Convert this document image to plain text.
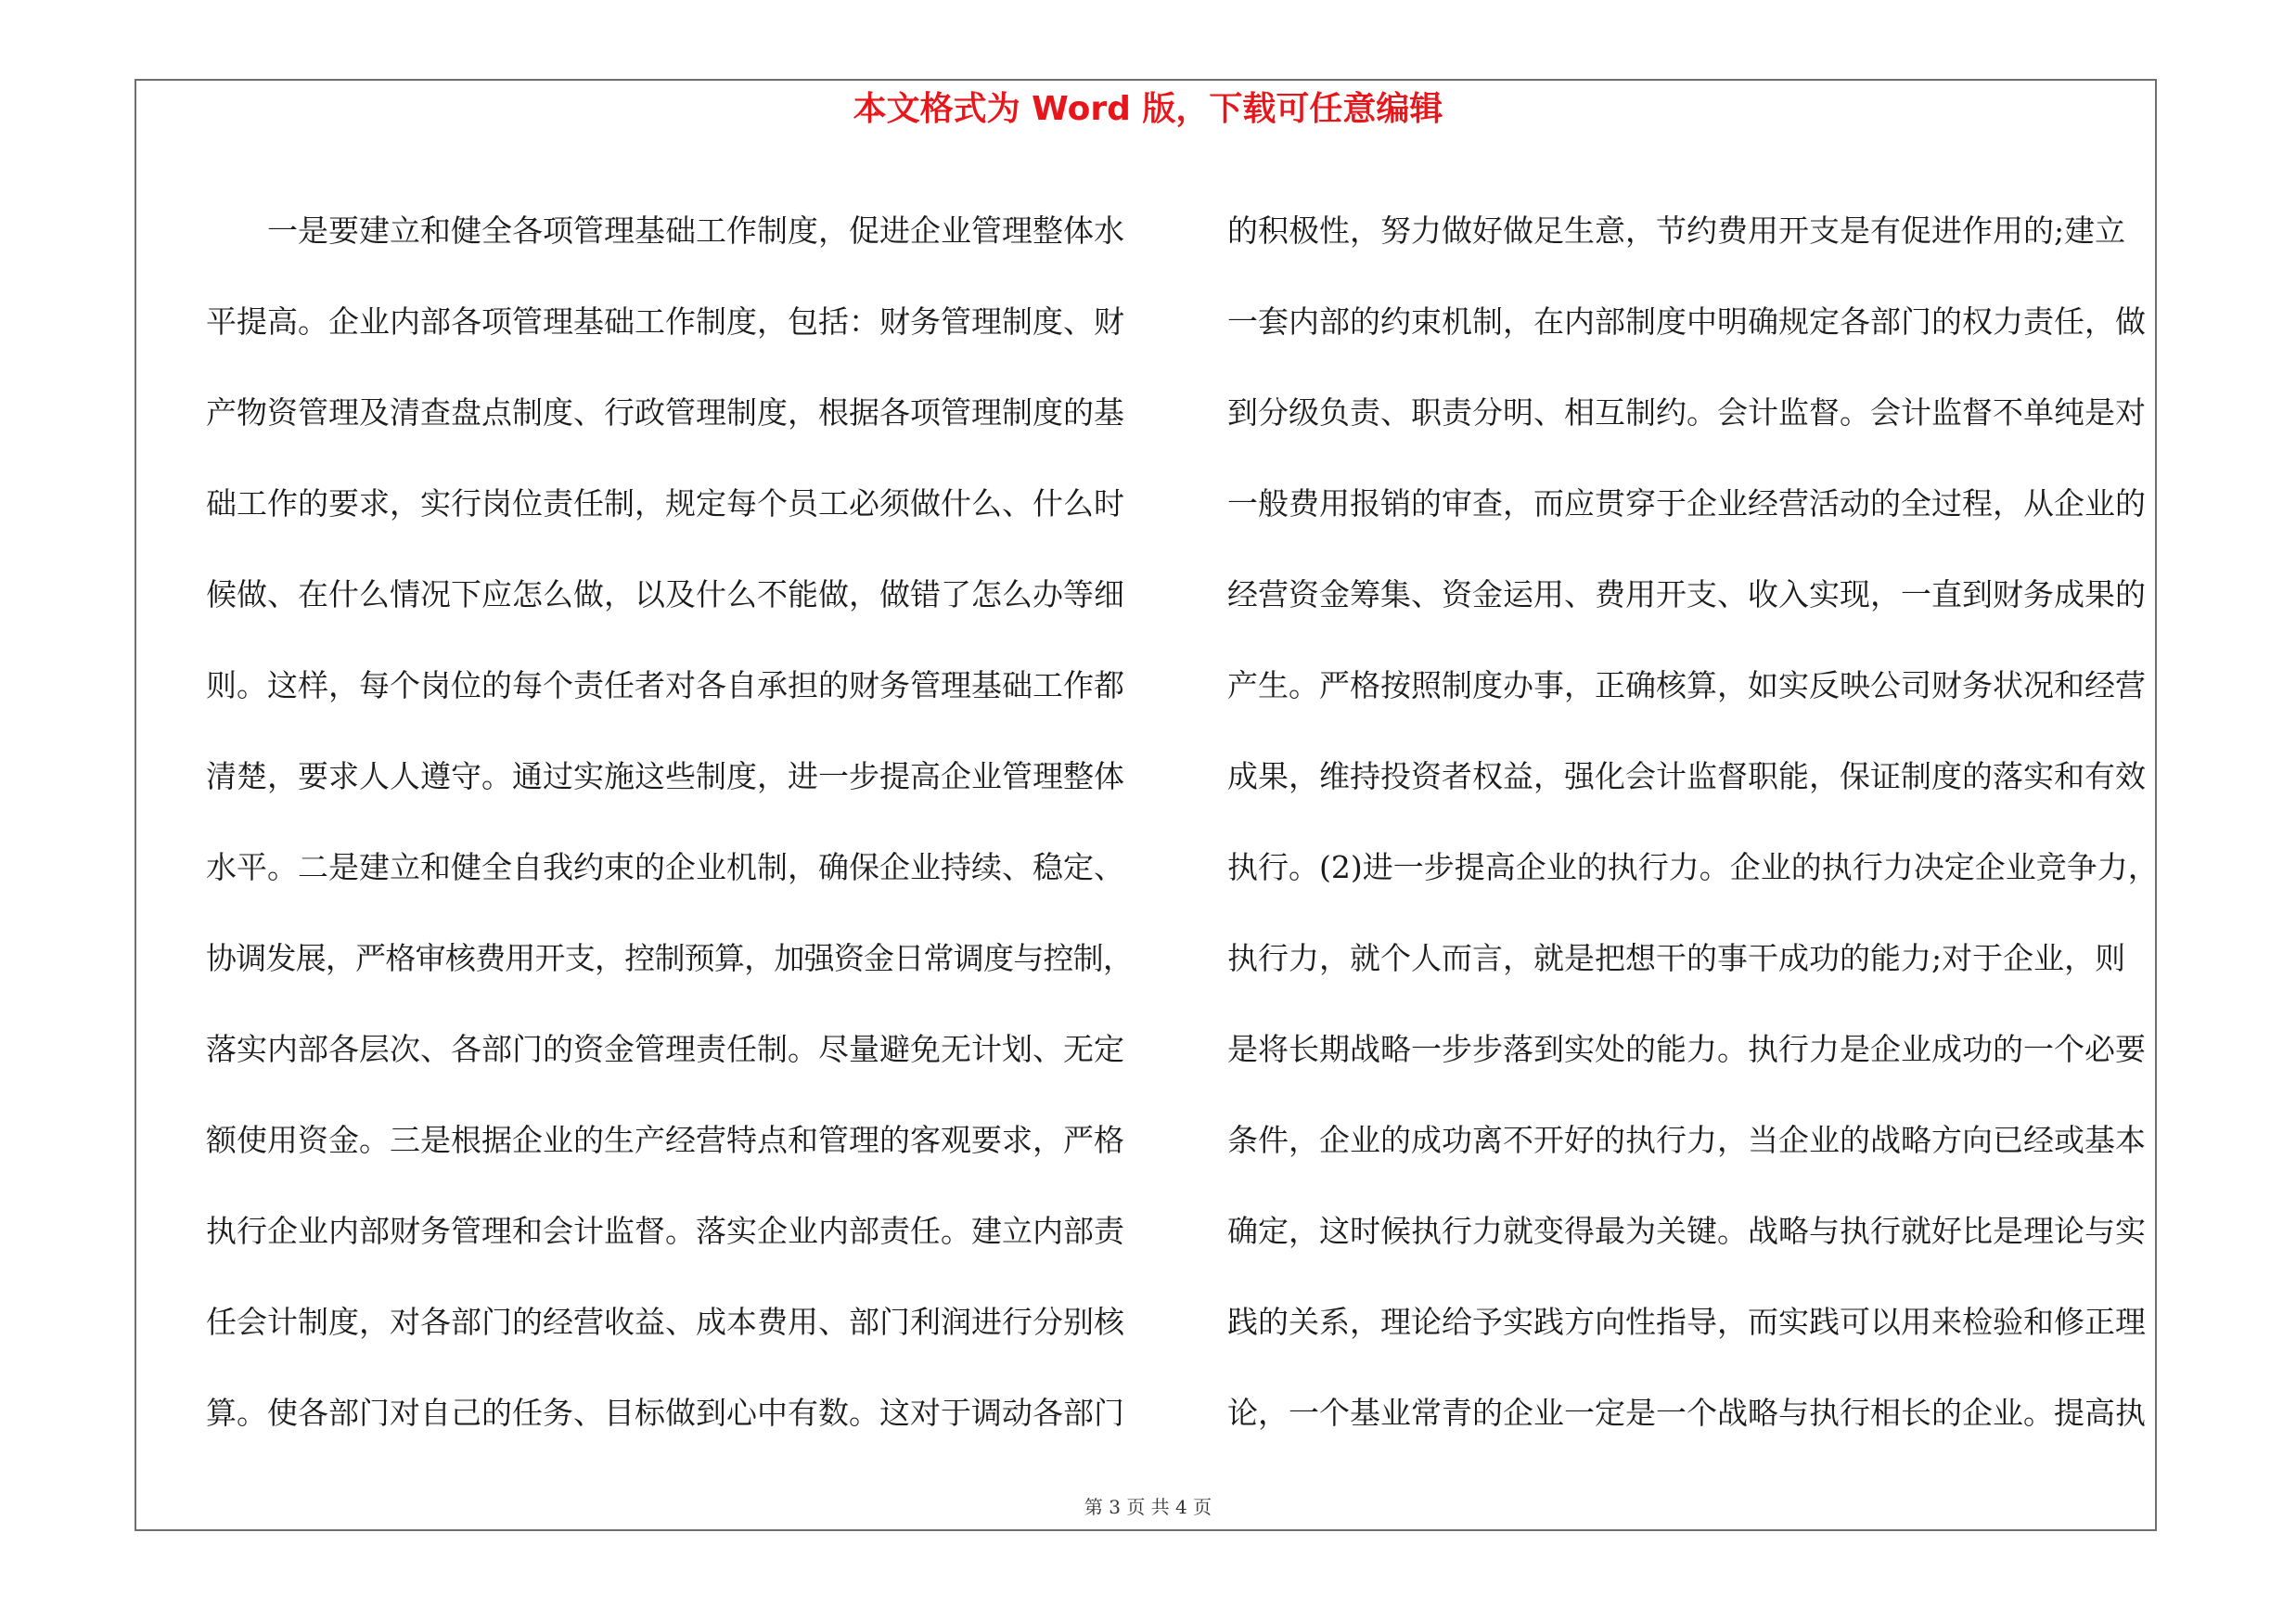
本文格式为 Word 版，下载可任意编辑
　　一是要建立和健全各项管理基础工作制度，促进企业管理整体水
平提高。企业内部各项管理基础工作制度，包括：财务管理制度、财
产物资管理及清查盘点制度、行政管理制度，根据各项管理制度的基
础工作的要求，实行岗位责任制，规定每个员工必须做什么、什么时
候做、在什么情况下应怎么做，以及什么不能做，做错了怎么办等细
则。这样，每个岗位的每个责任者对各自承担的财务管理基础工作都
清楚，要求人人遵守。通过实施这些制度，进一步提高企业管理整体
水平。二是建立和健全自我约束的企业机制，确保企业持续、稳定、
协调发展，严格审核费用开支，控制预算，加强资金日常调度与控制，
落实内部各层次、各部门的资金管理责任制。尽量避免无计划、无定
额使用资金。三是根据企业的生产经营特点和管理的客观要求，严格
执行企业内部财务管理和会计监督。落实企业内部责任。建立内部责
任会计制度，对各部门的经营收益、成本费用、部门利润进行分别核
算。使各部门对自己的任务、目标做到心中有数。这对于调动各部门
的积极性，努力做好做足生意，节约费用开支是有促进作用的;建立
一套内部的约束机制，在内部制度中明确规定各部门的权力责任，做
到分级负责、职责分明、相互制约。会计监督。会计监督不单纯是对
一般费用报销的审查，而应贯穿于企业经营活动的全过程，从企业的
经营资金筹集、资金运用、费用开支、收入实现，一直到财务成果的
产生。严格按照制度办事，正确核算，如实反映公司财务状况和经营
成果，维持投资者权益，强化会计监督职能，保证制度的落实和有效
执行。(2)进一步提高企业的执行力。企业的执行力决定企业竞争力，
执行力，就个人而言，就是把想干的事干成功的能力;对于企业，则
是将长期战略一步步落到实处的能力。执行力是企业成功的一个必要
条件，企业的成功离不开好的执行力，当企业的战略方向已经或基本
确定，这时候执行力就变得最为关键。战略与执行就好比是理论与实
践的关系，理论给予实践方向性指导，而实践可以用来检验和修正理
论，一个基业常青的企业一定是一个战略与执行相长的企业。提高执
第 3 页 共 4 页
